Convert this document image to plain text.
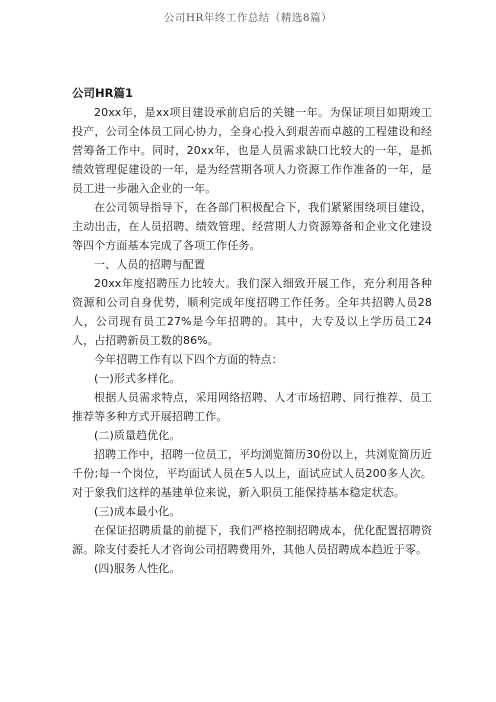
公司HR年终工作总结（精选8篇）

公司HR篇1

20xx年，是xx项目建设承前启后的关键一年。为保证项目如期竣工投产，公司全体员工同心协力，全身心投入到艰苦而卓越的工程建设和经营筹备工作中。同时，20xx年，也是人员需求缺口比较大的一年，是抓绩效管理促建设的一年，是为经营期各项人力资源工作作准备的一年，是员工进一步融入企业的一年。

在公司领导指导下，在各部门积极配合下，我们紧紧围绕项目建设，主动出击，在人员招聘、绩效管理、经营期人力资源筹备和企业文化建设等四个方面基本完成了各项工作任务。

一、人员的招聘与配置

20xx年度招聘压力比较大。我们深入细致开展工作，充分利用各种资源和公司自身优势，顺利完成年度招聘工作任务。全年共招聘人员28人，公司现有员工27%是今年招聘的。其中，大专及以上学历员工24人，占招聘新员工数的86%。

今年招聘工作有以下四个方面的特点：

(一)形式多样化。

根据人员需求特点，采用网络招聘、人才市场招聘、同行推荐、员工推荐等多种方式开展招聘工作。

(二)质量趋优化。

招聘工作中，招聘一位员工，平均浏览简历30份以上，共浏览简历近千份;每一个岗位，平均面试人员在5人以上，面试应试人员200多人次。对于象我们这样的基建单位来说，新入职员工能保持基本稳定状态。

(三)成本最小化。

在保证招聘质量的前提下，我们严格控制招聘成本，优化配置招聘资源。除支付委托人才咨询公司招聘费用外，其他人员招聘成本趋近于零。

(四)服务人性化。
